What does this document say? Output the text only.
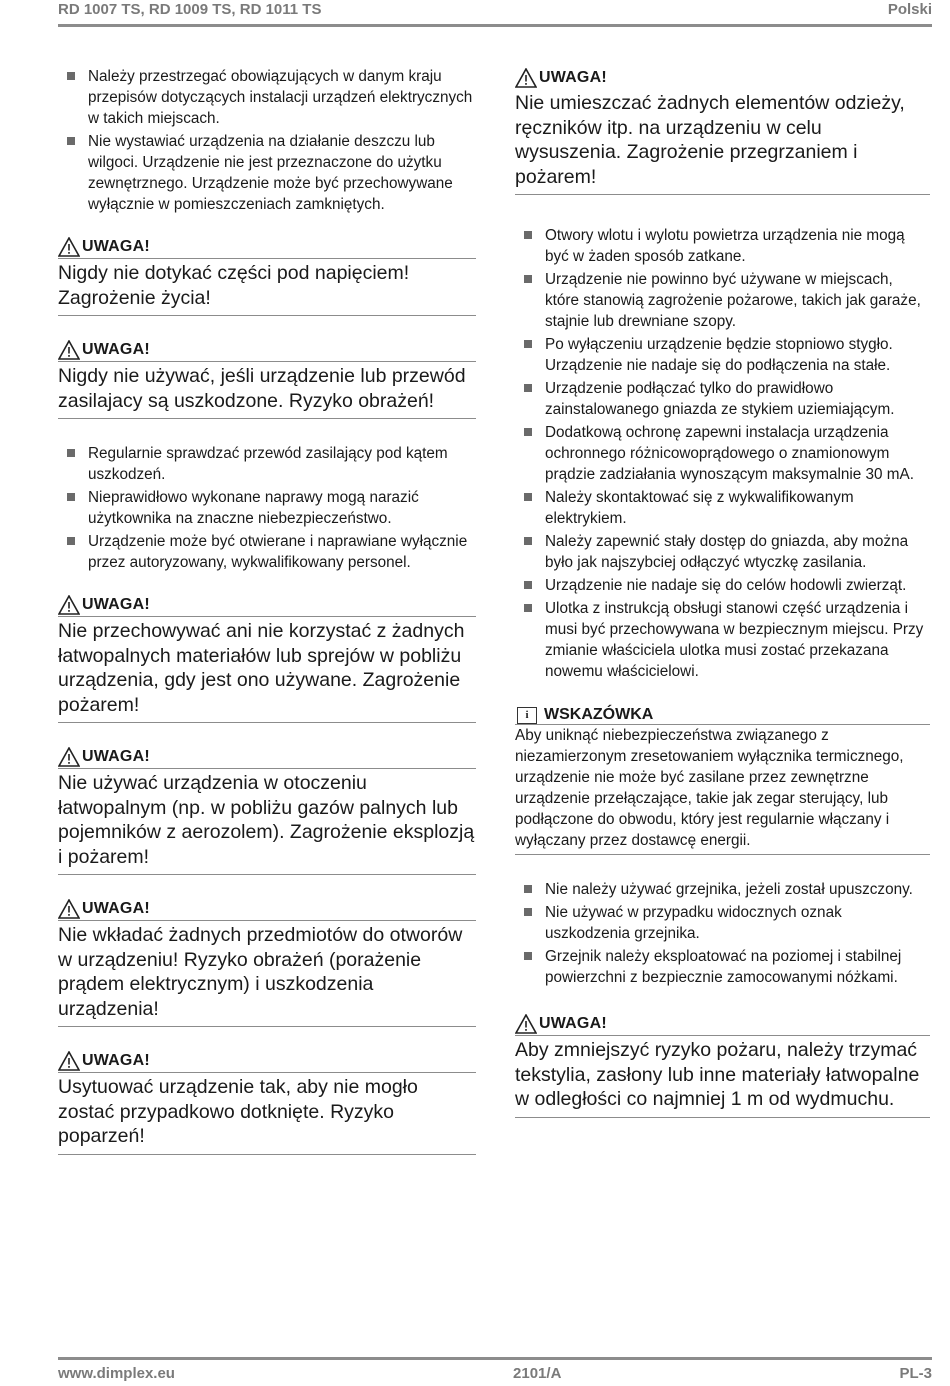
RD 1007 TS, RD 1009 TS, RD 1011 TS	Polski
Należy przestrzegać obowiązujących w danym kraju przepisów dotyczących instalacji urządzeń elektrycznych w takich miejscach.
Nie wystawiać urządzenia na działanie deszczu lub wilgoci. Urządzenie nie jest przeznaczone do użytku zewnętrznego. Urządzenie może być przechowywane wyłącznie w pomieszczeniach zamkniętych.
UWAGA!
Nigdy nie dotykać części pod napięciem! Zagrożenie życia!
UWAGA!
Nigdy nie używać, jeśli urządzenie lub przewód zasilajacy są uszkodzone. Ryzyko obrażeń!
Regularnie sprawdzać przewód zasilający pod kątem uszkodzeń.
Nieprawidłowo wykonane naprawy mogą narazić użytkownika na znaczne niebezpieczeństwo.
Urządzenie może być otwierane i naprawiane wyłącznie przez autoryzowany, wykwalifikowany personel.
UWAGA!
Nie przechowywać ani nie korzystać z żadnych łatwopalnych materiałów lub sprejów w pobliżu urządzenia, gdy jest ono używane. Zagrożenie pożarem!
UWAGA!
Nie używać urządzenia w otoczeniu łatwopalnym (np. w pobliżu gazów palnych lub pojemników z aerozolem). Zagrożenie eksplozją i pożarem!
UWAGA!
Nie wkładać żadnych przedmiotów do otworów w urządzeniu! Ryzyko obrażeń (porażenie prądem elektrycznym) i uszkodzenia urządzenia!
UWAGA!
Usytuować urządzenie tak, aby nie mogło zostać przypadkowo dotknięte. Ryzyko poparzeń!
UWAGA!
Nie umieszczać żadnych elementów odzieży, ręczników itp. na urządzeniu w celu wysuszenia. Zagrożenie przegrzaniem i pożarem!
Otwory wlotu i wylotu powietrza urządzenia nie mogą być w żaden sposób zatkane.
Urządzenie nie powinno być używane w miejscach, które stanowią zagrożenie pożarowe, takich jak garaże, stajnie lub drewniane szopy.
Po wyłączeniu urządzenie będzie stopniowo stygło. Urządzenie nie nadaje się do podłączenia na stałe.
Urządzenie podłączać tylko do prawidłowo zainstalowanego gniazda ze stykiem uziemiającym.
Dodatkową ochronę zapewni instalacja urządzenia ochronnego różnicowoprądowego o znamionowym prądzie zadziałania wynoszącym maksymalnie 30 mA.
Należy skontaktować się z wykwalifikowanym elektrykiem.
Należy zapewnić stały dostęp do gniazda, aby można było jak najszybciej odłączyć wtyczkę zasilania.
Urządzenie nie nadaje się do celów hodowli zwierząt.
Ulotka z instrukcją obsługi stanowi część urządzenia i musi być przechowywana w bezpiecznym miejscu. Przy zmianie właściciela ulotka musi zostać przekazana nowemu właścicielowi.
i WSKAZÓWKA
Aby uniknąć niebezpieczeństwa związanego z niezamierzonym zresetowaniem wyłącznika termicznego, urządzenie nie może być zasilane przez zewnętrzne urządzenie przełączające, takie jak zegar sterujący, lub podłączone do obwodu, który jest regularnie włączany i wyłączany przez dostawcę energii.
Nie należy używać grzejnika, jeżeli został upuszczony.
Nie używać w przypadku widocznych oznak uszkodzenia grzejnika.
Grzejnik należy eksploatować na poziomej i stabilnej powierzchni z bezpiecznie zamocowanymi nóżkami.
UWAGA!
Aby zmniejszyć ryzyko pożaru, należy trzymać tekstylia, zasłony lub inne materiały łatwopalne w odległości co najmniej 1 m od wydmuchu.
www.dimplex.eu	2101/A	PL-3
